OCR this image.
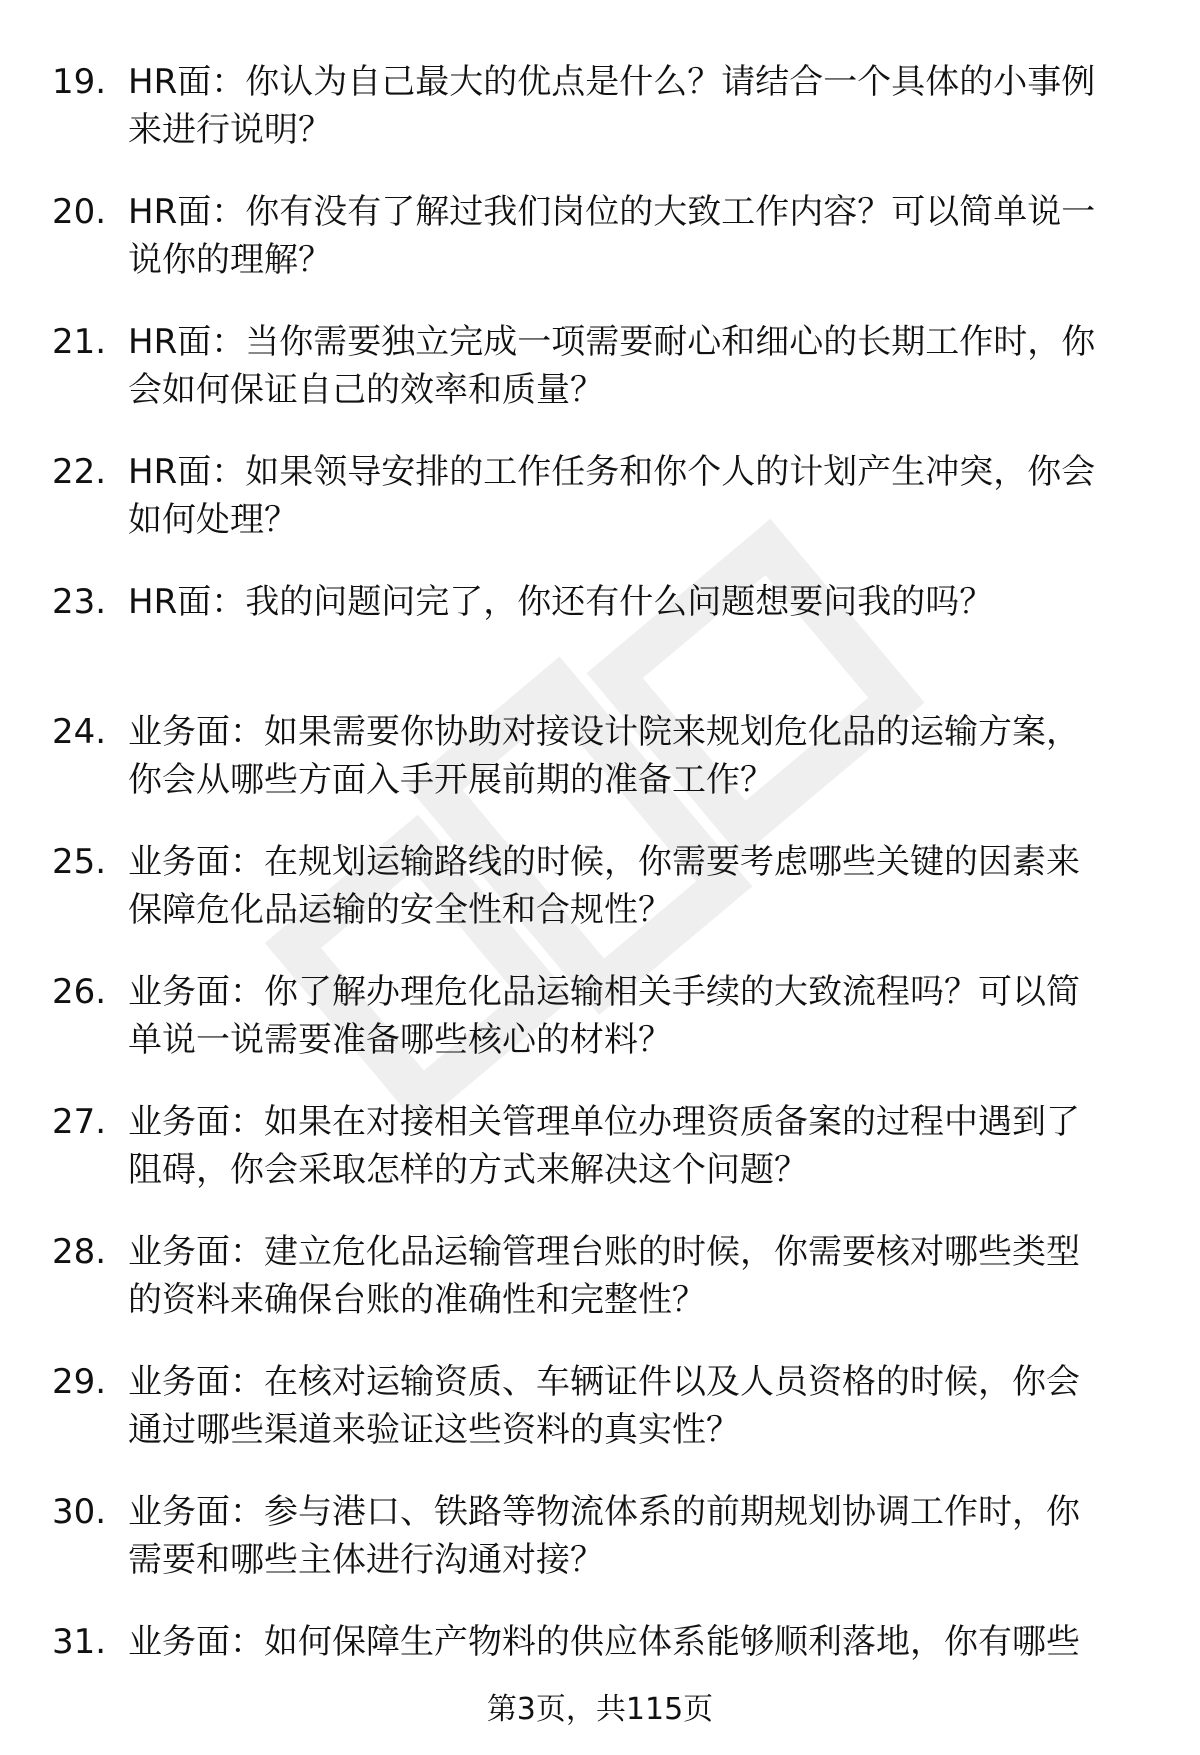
19. HR面：你认为自己最大的优点是什么？请结合一个具体的小事例
来进行说明？
20. HR面：你有没有了解过我们岗位的大致工作内容？可以简单说一
说你的理解？
21. HR面：当你需要独立完成一项需要耐心和细心的长期工作时，你
会如何保证自己的效率和质量？
22. HR面：如果领导安排的工作任务和你个人的计划产生冲突，你会
如何处理？
23. HR面：我的问题问完了，你还有什么问题想要问我的吗？
24. 业务面：如果需要你协助对接设计院来规划危化品的运输方案，
你会从哪些方面入手开展前期的准备工作？
25. 业务面：在规划运输路线的时候，你需要考虑哪些关键的因素来
保障危化品运输的安全性和合规性？
26. 业务面：你了解办理危化品运输相关手续的大致流程吗？可以简
单说一说需要准备哪些核心的材料？
27. 业务面：如果在对接相关管理单位办理资质备案的过程中遇到了
阻碍，你会采取怎样的方式来解决这个问题？
28. 业务面：建立危化品运输管理台账的时候，你需要核对哪些类型
的资料来确保台账的准确性和完整性？
29. 业务面：在核对运输资质、车辆证件以及人员资格的时候，你会
通过哪些渠道来验证这些资料的真实性？
30. 业务面：参与港口、铁路等物流体系的前期规划协调工作时，你
需要和哪些主体进行沟通对接？
31. 业务面：如何保障生产物料的供应体系能够顺利落地，你有哪些
第3页，共115页
